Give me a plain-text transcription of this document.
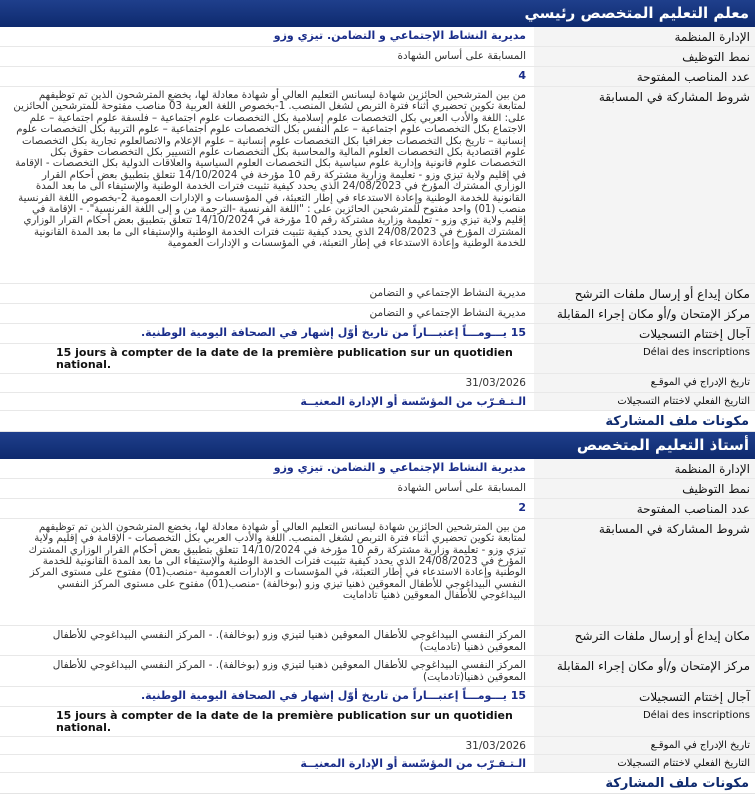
معلم التعليم المتخصص رئيسي
الإدارة المنظمة	مديرية النشاط الإجتماعي و التضامن. تيزي وزو
نمط التوظيف	المسابقة على أساس الشهادة
عدد المناصب المفتوحة	4
شروط المشاركة في المسابقة	من بين المترشحين الحائزين شهادة ليسانس التعليم العالي أو شهادة معادلة لها، يخضع المترشحون الذين تم توظيفهم لمتابعة تكوين تحضيري أثناء فترة التربص لشغل المنصب. 1-بخصوص اللغة العربية 03 مناصب مفتوحة للمترشحين الحائزين على: اللغة والأدب العربي بكل التخصصات علوم إسلامية بكل التخصصات علوم اجتماعية – فلسفة علوم اجتماعية – علم الاجتماع بكل التخصصات علوم اجتماعية – علم النفس بكل التخصصات علوم اجتماعية – علوم التربية بكل التخصصات علوم إنسانية – تاريخ بكل التخصصات جغرافيا بكل التخصصات علوم إنسانية – علوم الإعلام والاتصالعلوم تجارية بكل التخصصات علوم اقتصادية بكل التخصصات العلوم المالية والمحاسبة بكل التخصصات علوم التسيير بكل التخصصات حقوق بكل التخصصات علوم قانونية وإدارية علوم سياسية بكل التخصصات العلوم السياسية والعلاقات الدولية بكل التخصصات - الإقامة في إقليم ولاية تيزي وزو - تعليمة وزارية مشتركة رقم 10 مؤرخة في 14/10/2024 تتعلق بتطبيق بعض أحكام القرار الوزاري المشترك المؤرخ في 24/08/2023 الذي يحدد كيفية تثبيت فترات الخدمة الوطنية والإستيفاء الى ما بعد المدة القانونية للخدمة الوطنية وإعادة الاستدعاء في إطار التعبئة، في المؤسسات و الإدارات العمومية 2-بخصوص اللغة الفرنسية منصب (01) واحد مفتوح للمترشحين الحائزين على : "اللغة الفرنسية -الترجمة من و إلى اللغة الفرنسية". - الإقامة في إقليم ولاية تيزي وزو - تعليمة وزارية مشتركة رقم 10 مؤرخة في 14/10/2024 تتعلق بتطبيق بعض أحكام القرار الوزاري المشترك المؤرخ في 24/08/2023 الذي يحدد كيفية تثبيت فترات الخدمة الوطنية والإستيفاء الى ما بعد المدة القانونية للخدمة الوطنية وإعادة الاستدعاء في إطار التعبئة، في المؤسسات و الإدارات العمومية
مكان إيداع أو إرسال ملفات الترشح	مديرية النشاط الإجتماعي و التضامن
مركز الإمتحان و/أو مكان إجراء المقابلة	مديرية النشاط الإجتماعي و التضامن
آجال إختتام التسجيلات	15 يـــومـــاً إعتبـــاراً من تاريخ أوّل إشهار في الصحافة اليومية الوطنية.
Délai des inscriptions	15 jours à compter de la date de la première publication sur un quotidien national.
تاريخ الإدراج في الموقـع	31/03/2026
التاريخ الفعلي لاختتام التسجيلات	الـتـقـرّب من المؤسّسة أو الإدارة المعنيــة
مكونات ملف المشاركة
أستاذ التعليم المتخصص
الإدارة المنظمة	مديرية النشاط الإجتماعي و التضامن. تيزي وزو
نمط التوظيف	المسابقة على أساس الشهادة
عدد المناصب المفتوحة	2
شروط المشاركة في المسابقة	من بين المترشحين الحائزين شهادة ليسانس التعليم العالي أو شهادة معادلة لها، يخضع المترشحون الذين تم توظيفهم لمتابعة تكوين تحضيري أثناء فترة التربص لشغل المنصب. اللغة والأدب العربي بكل التخصصات - الإقامة في إقليم ولاية تيزي وزو - تعليمة وزارية مشتركة رقم 10 مؤرخة في 14/10/2024 تتعلق بتطبيق بعض أحكام القرار الوزاري المشترك المؤرخ في 24/08/2023 الذي يحدد كيفية تثبيت فترات الخدمة الوطنية والإستيفاء الى ما بعد المدة القانونية للخدمة الوطنية وإعادة الاستدعاء في إطار التعبئة، في المؤسسات و الإدارات العمومية -منصب(01) مفتوح على مستوى المركز النفسي البيداغوجي للأطفال المعوقين ذهنيا تيزي وزو (بوخالفة) -منصب(01) مفتوح على مستوى المركز النفسي البيداغوجي للأطفال المعوقين ذهنيا تادامايت
مكان إيداع أو إرسال ملفات الترشح	المركز النفسي البيداغوجي للأطفال المعوقين ذهنيا لتيزي وزو (بوخالفة). - المركز النفسي البيداغوجي للأطفال المعوقين ذهنيا (تادمايت)
مركز الإمتحان و/أو مكان إجراء المقابلة	المركز النفسي البيداغوجي للأطفال المعوقين ذهنيا لتيزي وزو (بوخالفة). - المركز النفسي البيداغوجي للأطفال المعوقين ذهنيا(تادمايت)
آجال إختتام التسجيلات	15 يـــومـــاً إعتبـــاراً من تاريخ أوّل إشهار في الصحافة اليومية الوطنية.
Délai des inscriptions	15 jours à compter de la date de la première publication sur un quotidien national.
تاريخ الإدراج في الموقـع	31/03/2026
التاريخ الفعلي لاختتام التسجيلات	الـتـقـرّب من المؤسّسة أو الإدارة المعنيــة
مكونات ملف المشاركة
